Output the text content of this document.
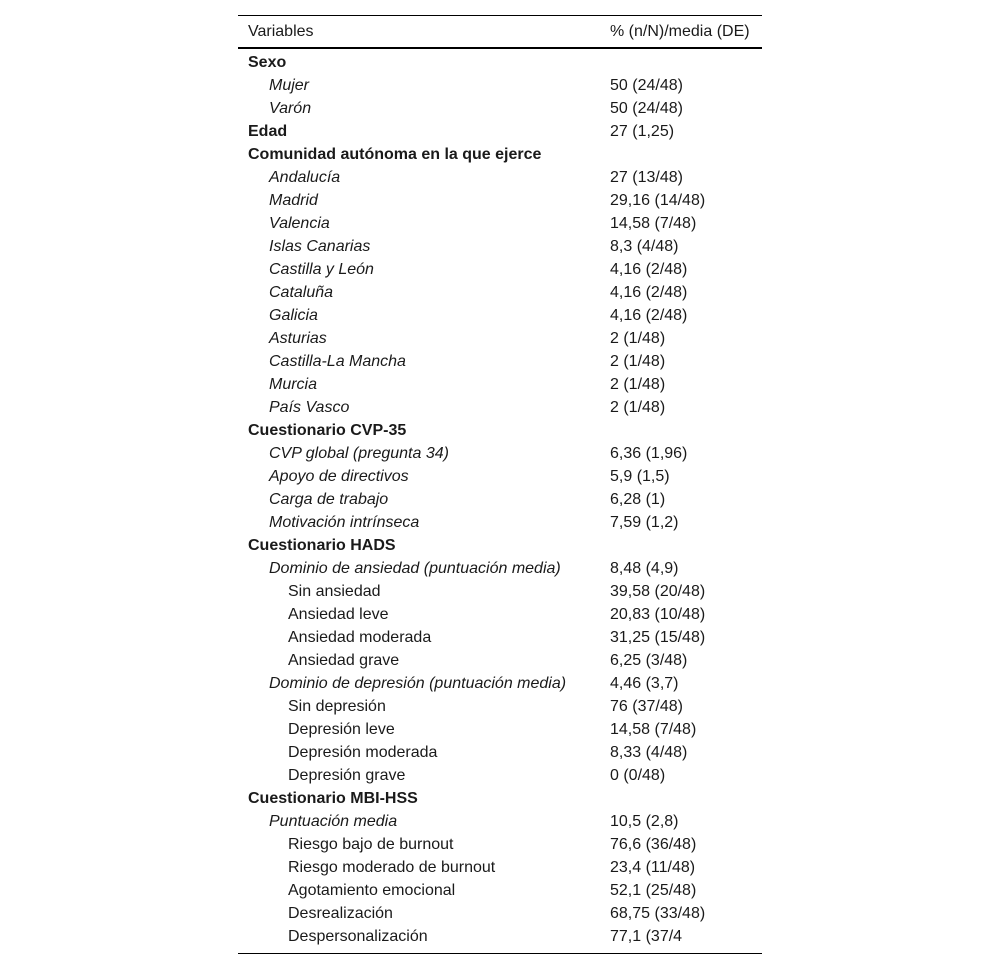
Variables	% (n/N)/media (DE)
Sexo	
Mujer	50 (24/48)
Varón	50 (24/48)
Edad	27 (1,25)
Comunidad autónoma en la que ejerce	
Andalucía	27 (13/48)
Madrid	29,16 (14/48)
Valencia	14,58 (7/48)
Islas Canarias	8,3 (4/48)
Castilla y León	4,16 (2/48)
Cataluña	4,16 (2/48)
Galicia	4,16 (2/48)
Asturias	2 (1/48)
Castilla-La Mancha	2 (1/48)
Murcia	2 (1/48)
País Vasco	2 (1/48)
Cuestionario CVP-35	
CVP global (pregunta 34)	6,36 (1,96)
Apoyo de directivos	5,9 (1,5)
Carga de trabajo	6,28 (1)
Motivación intrínseca	7,59 (1,2)
Cuestionario HADS	
Dominio de ansiedad (puntuación media)	8,48 (4,9)
Sin ansiedad	39,58 (20/48)
Ansiedad leve	20,83 (10/48)
Ansiedad moderada	31,25 (15/48)
Ansiedad grave	6,25 (3/48)
Dominio de depresión (puntuación media)	4,46 (3,7)
Sin depresión	76 (37/48)
Depresión leve	14,58 (7/48)
Depresión moderada	8,33 (4/48)
Depresión grave	0 (0/48)
Cuestionario MBI-HSS	
Puntuación media	10,5 (2,8)
Riesgo bajo de burnout	76,6 (36/48)
Riesgo moderado de burnout	23,4 (11/48)
Agotamiento emocional	52,1 (25/48)
Desrealización	68,75 (33/48)
Despersonalización	77,1 (37/4
